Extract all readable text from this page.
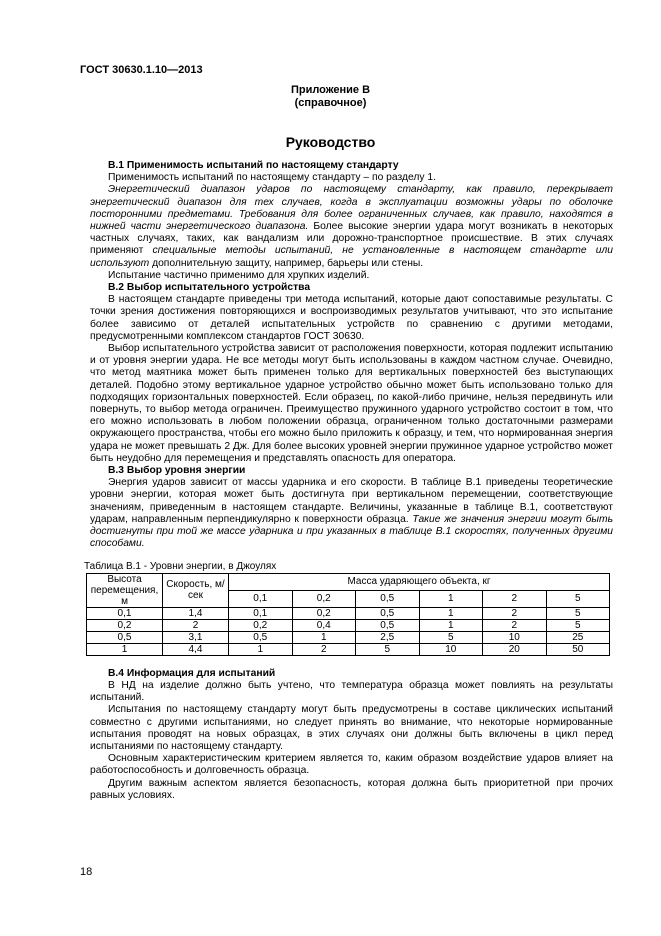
ГОСТ 30630.1.10—2013
Приложение В
(справочное)
Руководство
В.1 Применимость испытаний по настоящему стандарту

Применимость испытаний по настоящему стандарту – по разделу 1.

Энергетический диапазон ударов по настоящему стандарту, как правило, перекрывает энергетический диапазон для тех случаев, когда в эксплуатации возможны удары по оболочке посторонними предметами. Требования для более ограниченных случаев, как правило, находятся в нижней части энергетического диапазона. Более высокие энергии удара могут возникать в некоторых частных случаях, таких, как вандализм или дорожно-транспортное происшествие. В этих случаях применяют специальные методы испытаний, не установленные в настоящем стандарте или используют дополнительную защиту, например, барьеры или стены.

Испытание частично применимо для хрупких изделий.

В.2 Выбор испытательного устройства

В настоящем стандарте приведены три метода испытаний, которые дают сопоставимые результаты. С точки зрения достижения повторяющихся и воспроизводимых результатов учитывают, что это испытание более зависимо от деталей испытательных устройств по сравнению с другими методами, предусмотренными комплексом стандартов ГОСТ 30630.

Выбор испытательного устройства зависит от расположения поверхности, которая подлежит испытанию и от уровня энергии удара. Не все методы могут быть использованы в каждом частном случае. Очевидно, что метод маятника может быть применен только для вертикальных поверхностей без выступающих деталей. Подобно этому вертикальное ударное устройство обычно может быть использовано только для подходящих горизонтальных поверхностей. Если образец, по какой-либо причине, нельзя передвинуть или повернуть, то выбор метода ограничен. Преимущество пружинного ударного устройство состоит в том, что его можно использовать в любом положении образца, ограниченном только достаточными размерами окружающего пространства, чтобы его можно было приложить к образцу, и тем, что нормированная энергия удара не может превышать 2 Дж. Для более высоких уровней энергии пружинное ударное устройство может быть неудобно для перемещения и представлять опасность для оператора.

В.3 Выбор уровня энергии

Энергия ударов зависит от массы ударника и его скорости. В таблице В.1 приведены теоретические уровни энергии, которая может быть достигнута при вертикальном перемещении, соответствующие значениям, приведенным в настоящем стандарте. Величины, указанные в таблице В.1, соответствуют ударам, направленным перпендикулярно к поверхности образца. Такие же значения энергии могут быть достигнуты при той же массе ударника и при указанных в таблице В.1 скоростях, полученных другими способами.

Таблица В.1 - Уровни энергии, в Джоулях
Высота перемещения, м	Скорость, м/сек	Масса ударяющего объекта, кг					
		0,1	0,2	0,5	1	2	5
0,1	1,4	0,1	0,2	0,5	1	2	5
0,2	2	0,2	0,4	0,5	1	2	5
0,5	3,1	0,5	1	2,5	5	10	25
1	4,4	1	2	5	10	20	50
В.4 Информация для испытаний

В НД на изделие должно быть учтено, что температура образца может повлиять на результаты испытаний.

Испытания по настоящему стандарту могут быть предусмотрены в составе циклических испытаний совместно с другими испытаниями, но следует принять во внимание, что некоторые нормированные испытания проводят на новых образцах, в этих случаях они должны быть включены в цикл перед испытаниями по настоящему стандарту.

Основным характеристическим критерием является то, каким образом воздействие ударов влияет на работоспособность и долговечность образца.

Другим важным аспектом является безопасность, которая должна быть приоритетной при прочих равных условиях.

18
